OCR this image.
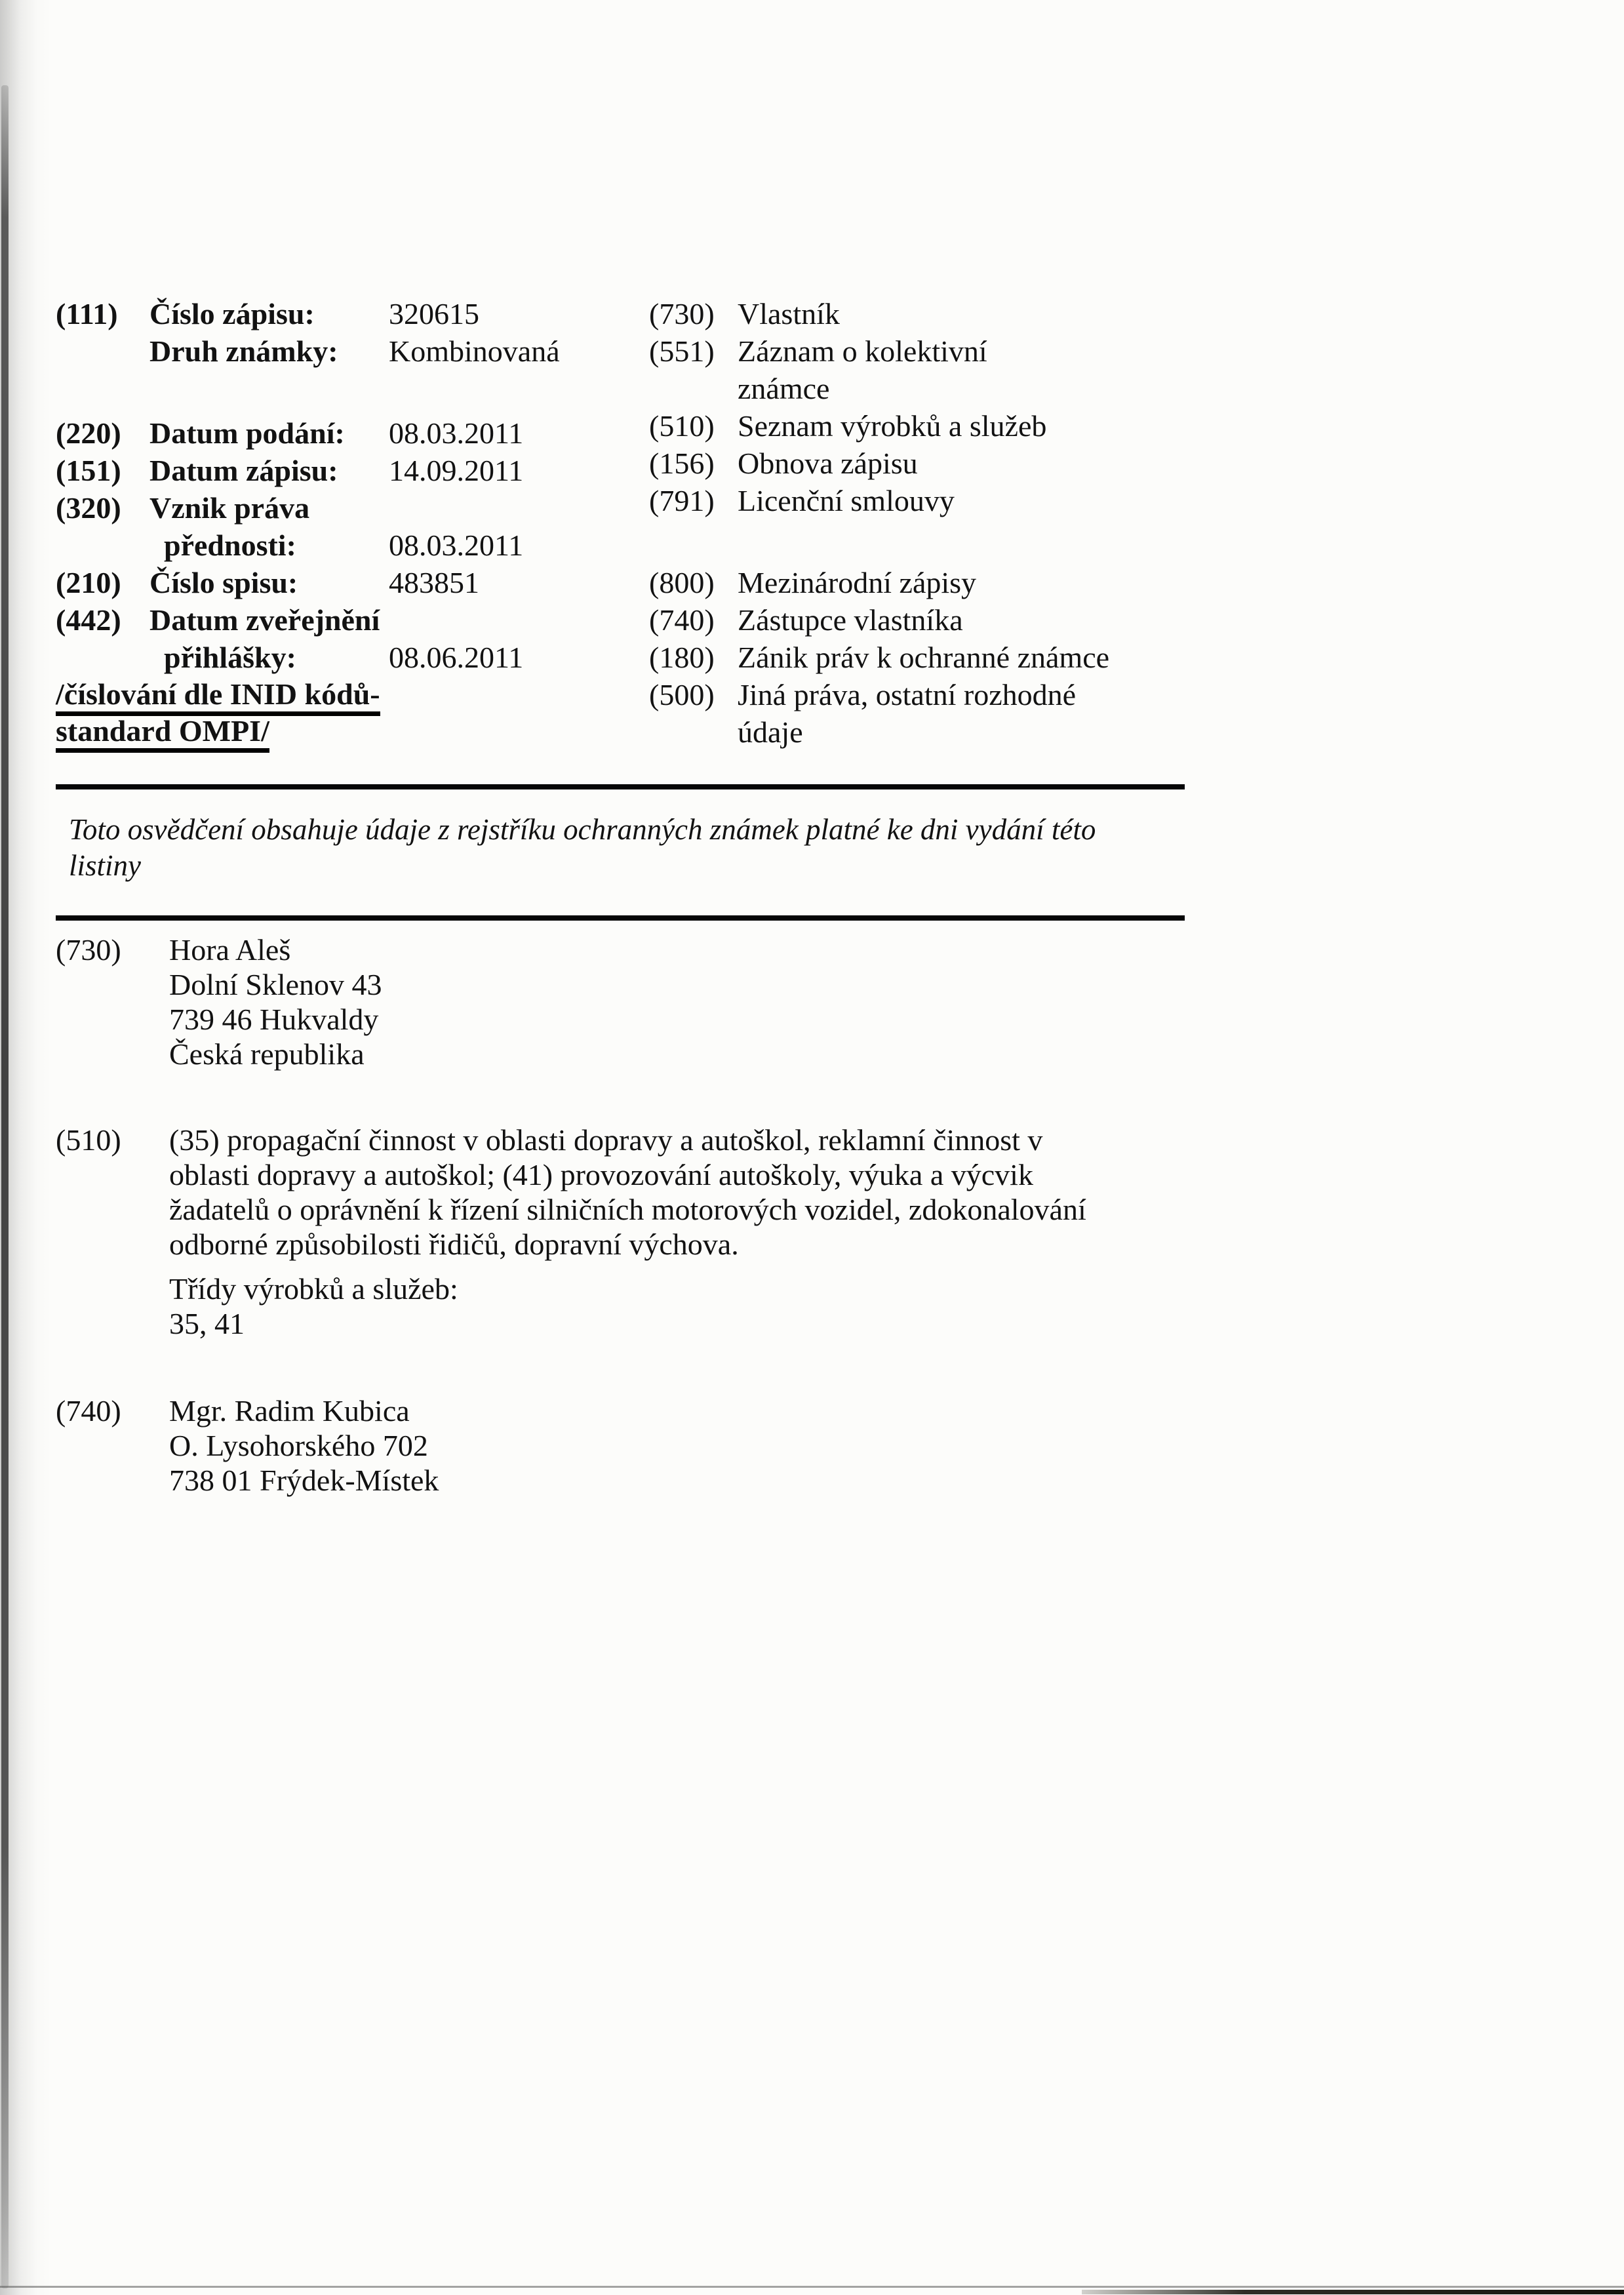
(111)	Číslo zápisu:	320615
Druh známky:	Kombinovaná
(220) Datum podání:	08.03.2011
(151) Datum zápisu:	14.09.2011
(320) Vznik práva
přednosti:	08.03.2011
(210) Číslo spisu:	483851
(442) Datum zveřejnění
přihlášky:	08.06.2011
/číslování dle INID kódů-
standard OMPI/
(730) Vlastník
(551) Záznam o kolektivní
známce
(510) Seznam výrobků a služeb
(156) Obnova zápisu
(791) Licenční smlouvy
(800) Mezinárodní zápisy
(740) Zástupce vlastníka
(180) Zánik práv k ochranné známce
(500) Jiná práva, ostatní rozhodné
údaje
Toto osvědčení obsahuje údaje z rejstříku ochranných známek platné ke dni vydání této listiny
(730)	Hora Aleš
Dolní Sklenov 43
739 46 Hukvaldy
Česká republika
(510)	(35) propagační činnost v oblasti dopravy a autoškol, reklamní činnost v oblasti dopravy a autoškol; (41) provozování autoškoly, výuka a výcvik žadatelů o oprávnění k řízení silničních motorových vozidel, zdokonalování odborné způsobilosti řidičů, dopravní výchova.

Třídy výrobků a služeb:
35, 41
(740)	Mgr. Radim Kubica
O. Lysohorského 702
738 01 Frýdek-Místek
